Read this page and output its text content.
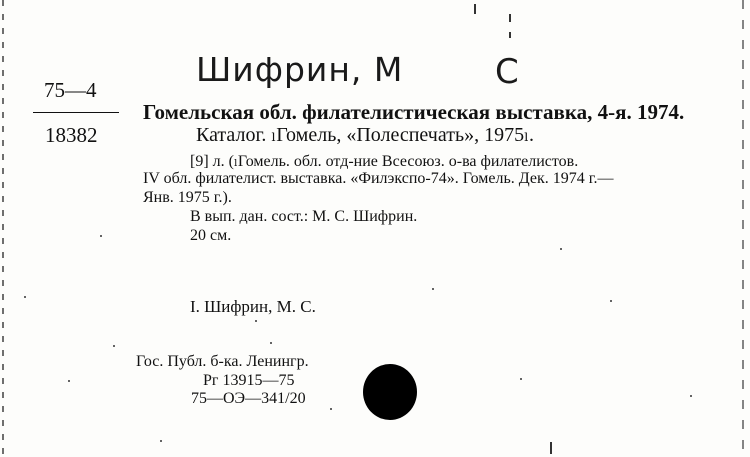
Шифрин, М	С
75—4
18382
Гомельская обл. филателистическая выставка, 4-я. 1974.
Каталог. ₗГомель, «Полеспечать», 1975ₗ.
[9] л. (ₗГомель. обл. отд-ние Всесоюз. о-ва филателистов.
IV обл. филателист. выставка. «Филэкспо-74». Гомель. Дек. 1974 г.—
Янв. 1975 г.).
В вып. дан. сост.: М. С. Шифрин.
20 см.
I. Шифрин, М. С.
Гос. Публ. б-ка. Ленингр.
Рг 13915—75
75—ОЭ—341/20
